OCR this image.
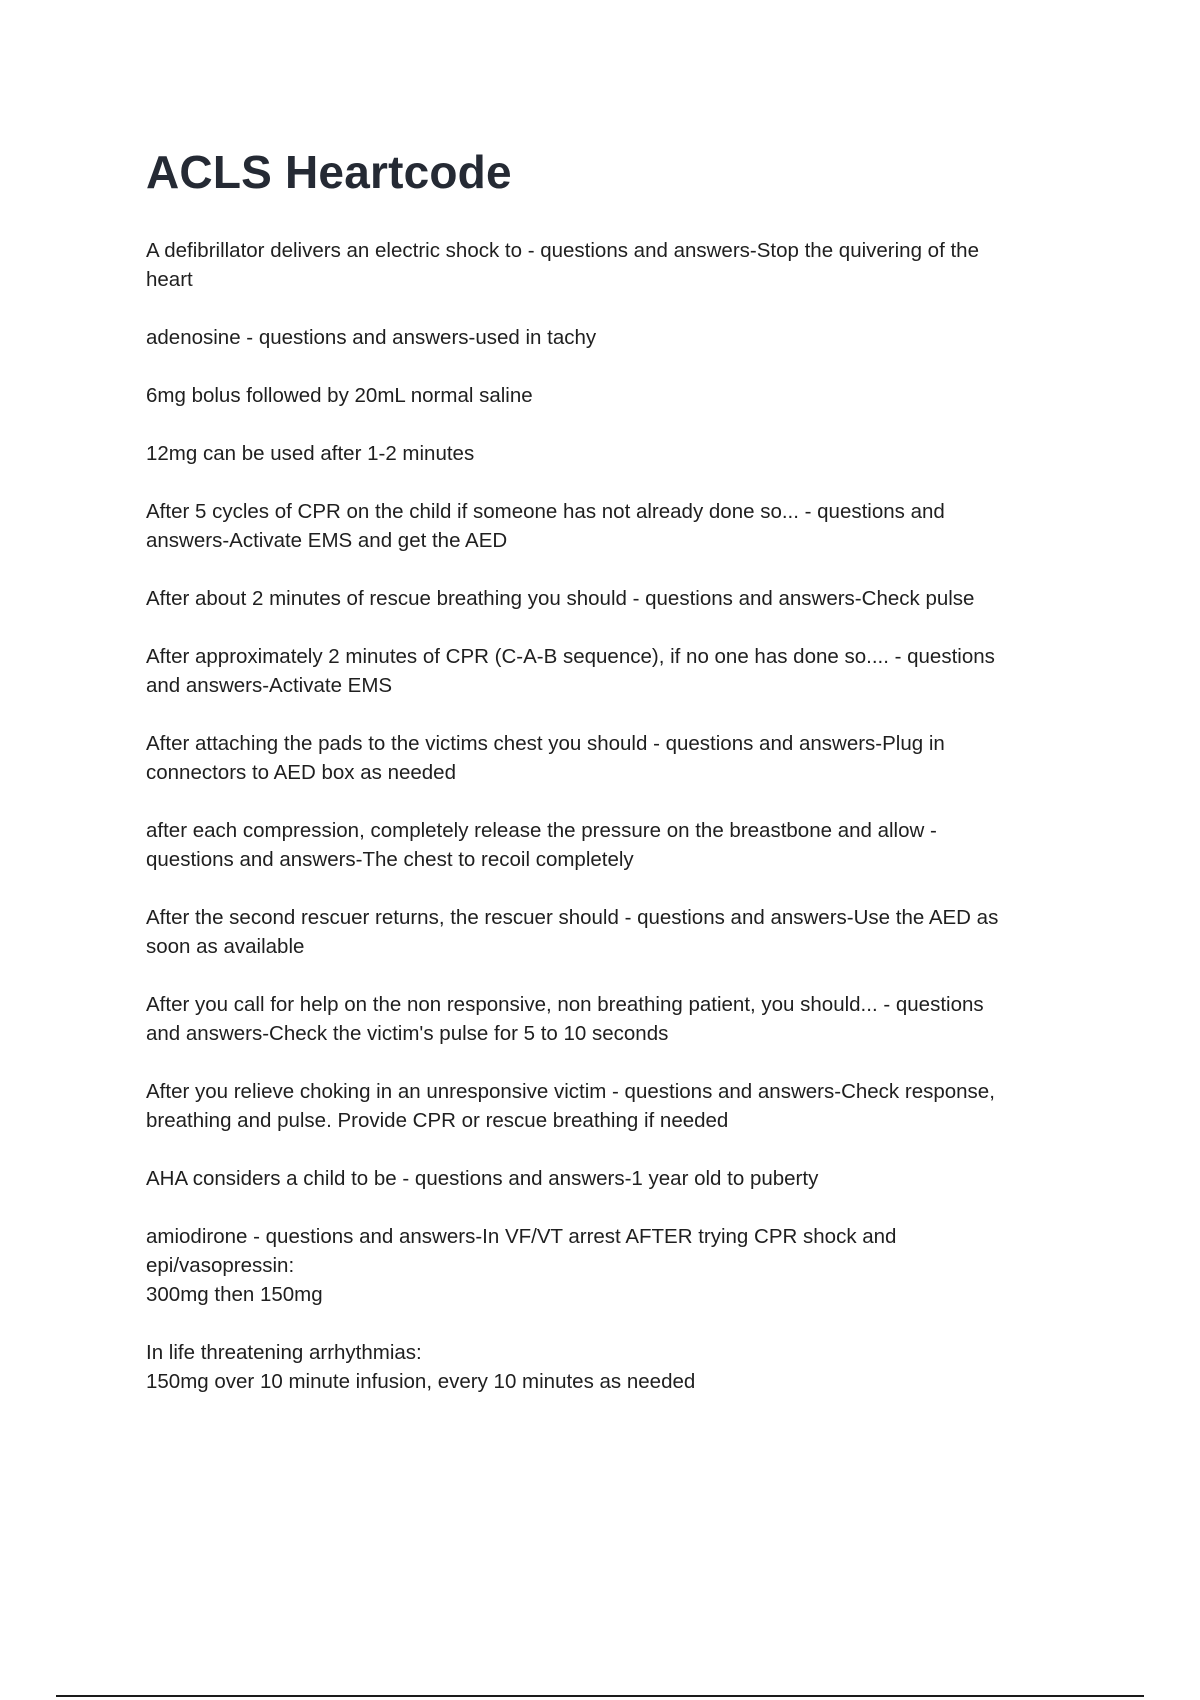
ACLS Heartcode

A defibrillator delivers an electric shock to - questions and answers-Stop the quivering of the
heart

adenosine - questions and answers-used in tachy

6mg bolus followed by 20mL normal saline

12mg can be used after 1-2 minutes

After 5 cycles of CPR on the child if someone has not already done so... - questions and
answers-Activate EMS and get the AED

After about 2 minutes of rescue breathing you should - questions and answers-Check pulse

After approximately 2 minutes of CPR (C-A-B sequence), if no one has done so.... - questions
and answers-Activate EMS

After attaching the pads to the victims chest you should - questions and answers-Plug in
connectors to AED box as needed

after each compression, completely release the pressure on the breastbone and allow -
questions and answers-The chest to recoil completely

After the second rescuer returns, the rescuer should - questions and answers-Use the AED as
soon as available

After you call for help on the non responsive, non breathing patient, you should... - questions
and answers-Check the victim's pulse for 5 to 10 seconds

After you relieve choking in an unresponsive victim - questions and answers-Check response,
breathing and pulse. Provide CPR or rescue breathing if needed

AHA considers a child to be - questions and answers-1 year old to puberty

amiodirone - questions and answers-In VF/VT arrest AFTER trying CPR shock and
epi/vasopressin:
300mg then 150mg

In life threatening arrhythmias:
150mg over 10 minute infusion, every 10 minutes as needed
